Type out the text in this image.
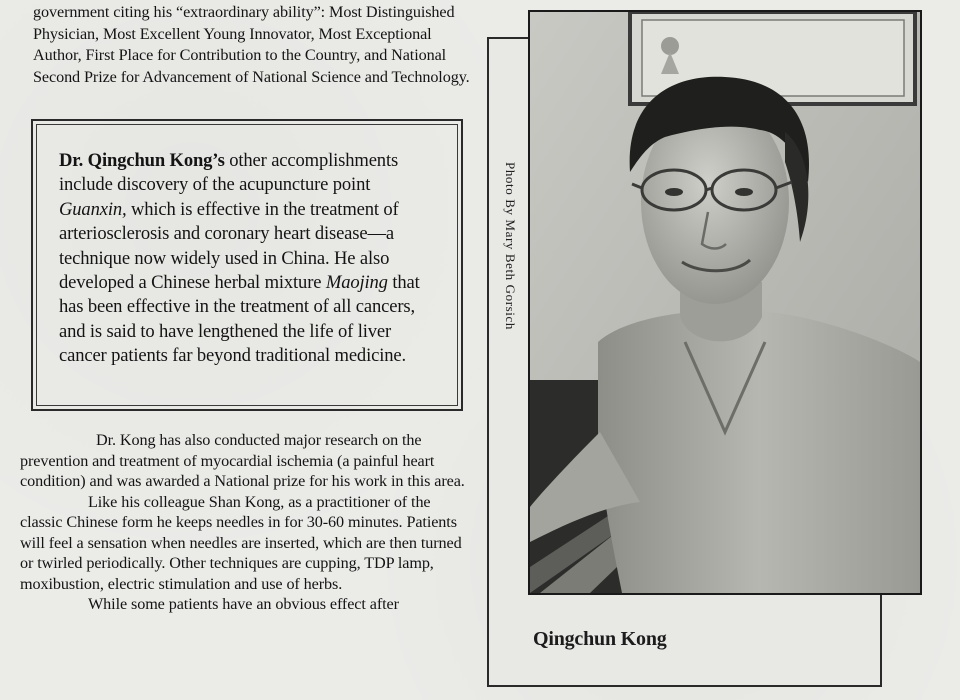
government citing his “extraordinary ability”: Most Distinguished Physician, Most Excellent Young Innovator, Most Exceptional Author, First Place for Contribution to the Country, and National Second Prize for Advancement of National Science and Technology.

Dr. Qingchun Kong’s other accomplishments include discovery of the acupuncture point Guanxin, which is effective in the treatment of arteriosclerosis and coronary heart disease—a technique now widely used in China. He also developed a Chinese herbal mixture Maojing that has been effective in the treatment of all cancers, and is said to have lengthened the life of liver cancer patients far beyond traditional medicine.

Dr. Kong has also conducted major research on the prevention and treatment of myocardial ischemia (a painful heart condition) and was awarded a National prize for his work in this area.

Like his colleague Shan Kong, as a practitioner of the classic Chinese form he keeps needles in for 30-60 minutes. Patients will feel a sensation when needles are inserted, which are then turned or twirled periodically. Other techniques are cupping, TDP lamp, moxibustion, electric stimulation and use of herbs.

While some patients have an obvious effect after

Photo By Mary Beth Gorsich
Qingchun Kong
